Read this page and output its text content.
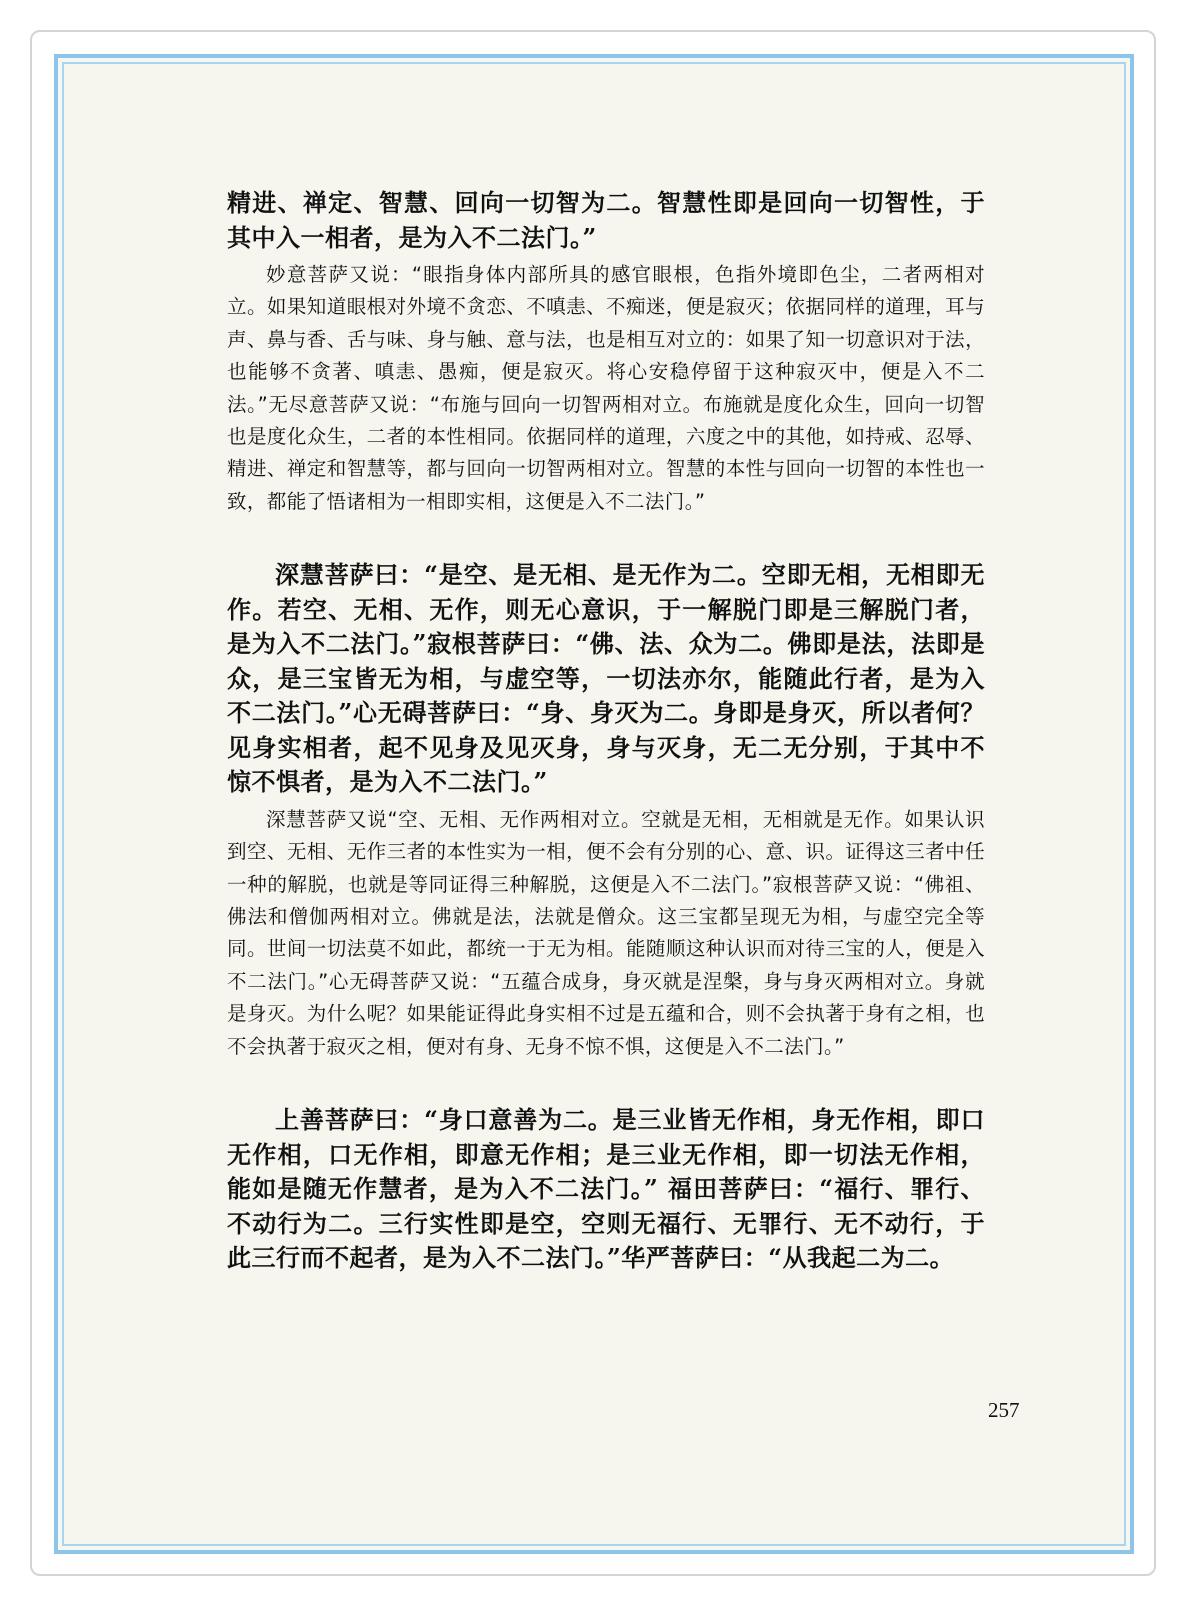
精进、禅定、智慧、回向一切智为二。智慧性即是回向一切智性，于其中入一相者，是为入不二法门。”

妙意菩萨又说：“眼指身体内部所具的感官眼根，色指外境即色尘，二者两相对立。如果知道眼根对外境不贪恋、不嗔恚、不痴迷，便是寂灭；依据同样的道理，耳与声、鼻与香、舌与味、身与触、意与法，也是相互对立的：如果了知一切意识对于法，也能够不贪著、嗔恚、愚痴，便是寂灭。将心安稳停留于这种寂灭中，便是入不二法。”无尽意菩萨又说：“布施与回向一切智两相对立。布施就是度化众生，回向一切智也是度化众生，二者的本性相同。依据同样的道理，六度之中的其他，如持戒、忍辱、精进、禅定和智慧等，都与回向一切智两相对立。智慧的本性与回向一切智的本性也一致，都能了悟诸相为一相即实相，这便是入不二法门。”

深慧菩萨曰：“是空、是无相、是无作为二。空即无相，无相即无作。若空、无相、无作，则无心意识，于一解脱门即是三解脱门者，是为入不二法门。”寂根菩萨曰：“佛、法、众为二。佛即是法，法即是众，是三宝皆无为相，与虚空等，一切法亦尔，能随此行者，是为入不二法门。”心无碍菩萨曰：“身、身灭为二。身即是身灭，所以者何？见身实相者，起不见身及见灭身，身与灭身，无二无分别，于其中不惊不惧者，是为入不二法门。”

深慧菩萨又说“空、无相、无作两相对立。空就是无相，无相就是无作。如果认识到空、无相、无作三者的本性实为一相，便不会有分别的心、意、识。证得这三者中任一种的解脱，也就是等同证得三种解脱，这便是入不二法门。”寂根菩萨又说：“佛祖、佛法和僧伽两相对立。佛就是法，法就是僧众。这三宝都呈现无为相，与虚空完全等同。世间一切法莫不如此，都统一于无为相。能随顺这种认识而对待三宝的人，便是入不二法门。”心无碍菩萨又说：“五蕴合成身，身灭就是涅槃，身与身灭两相对立。身就是身灭。为什么呢？如果能证得此身实相不过是五蕴和合，则不会执著于身有之相，也不会执著于寂灭之相，便对有身、无身不惊不惧，这便是入不二法门。”

上善菩萨曰：“身口意善为二。是三业皆无作相，身无作相，即口无作相，口无作相，即意无作相；是三业无作相，即一切法无作相，能如是随无作慧者，是为入不二法门。” 福田菩萨曰：“福行、罪行、不动行为二。三行实性即是空，空则无福行、无罪行、无不动行，于此三行而不起者，是为入不二法门。”华严菩萨曰：“从我起二为二。

257
